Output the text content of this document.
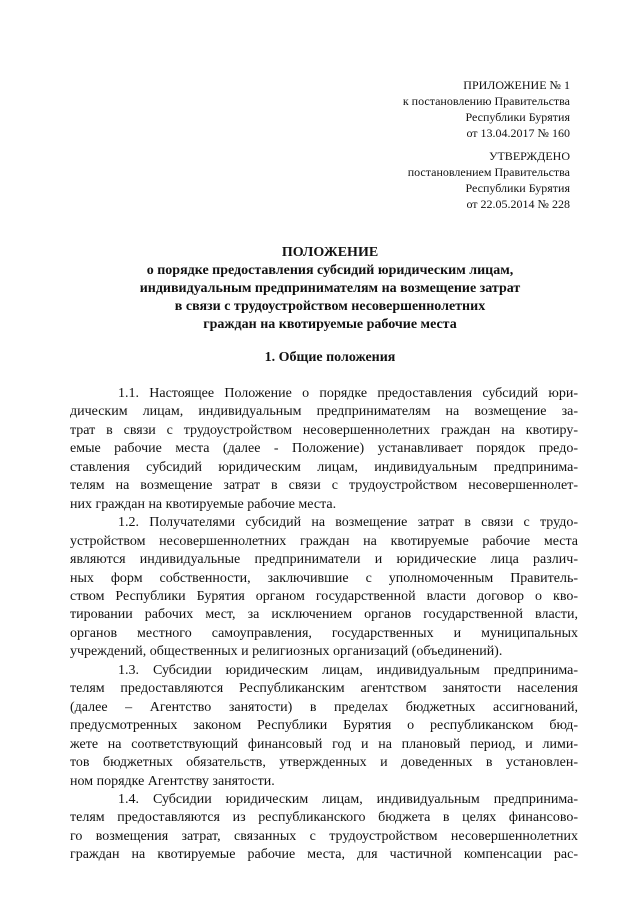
ПРИЛОЖЕНИЕ № 1
к постановлению Правительства
Республики Бурятия
от 13.04.2017 № 160
УТВЕРЖДЕНО
постановлением Правительства
Республики Бурятия
от 22.05.2014 № 228
ПОЛОЖЕНИЕ
о порядке предоставления субсидий юридическим лицам,
индивидуальным предпринимателям на возмещение затрат
в связи с трудоустройством несовершеннолетних
граждан на квотируемые рабочие места
1. Общие положения
1.1. Настоящее Положение о порядке предоставления субсидий юри-
дическим лицам, индивидуальным предпринимателям на возмещение за-
трат в связи с трудоустройством несовершеннолетних граждан на квотиру-
емые рабочие места (далее - Положение) устанавливает порядок предо-
ставления субсидий юридическим лицам, индивидуальным предпринима-
телям на возмещение затрат в связи с трудоустройством несовершеннолет-
них граждан на квотируемые рабочие места.
1.2. Получателями субсидий на возмещение затрат в связи с трудо-
устройством несовершеннолетних граждан на квотируемые рабочие места
являются индивидуальные предприниматели и юридические лица различ-
ных форм собственности, заключившие с уполномоченным Правитель-
ством Республики Бурятия органом государственной власти договор о кво-
тировании рабочих мест, за исключением органов государственной власти,
органов местного самоуправления, государственных и муниципальных
учреждений, общественных и религиозных организаций (объединений).
1.3. Субсидии юридическим лицам, индивидуальным предпринима-
телям предоставляются Республиканским агентством занятости населения
(далее – Агентство занятости) в пределах бюджетных ассигнований,
предусмотренных законом Республики Бурятия о республиканском бюд-
жете на соответствующий финансовый год и на плановый период, и лими-
тов бюджетных обязательств, утвержденных и доведенных в установлен-
ном порядке Агентству занятости.
1.4. Субсидии юридическим лицам, индивидуальным предпринима-
телям предоставляются из республиканского бюджета в целях финансово-
го возмещения затрат, связанных с трудоустройством несовершеннолетних
граждан на квотируемые рабочие места, для частичной компенсации рас-
